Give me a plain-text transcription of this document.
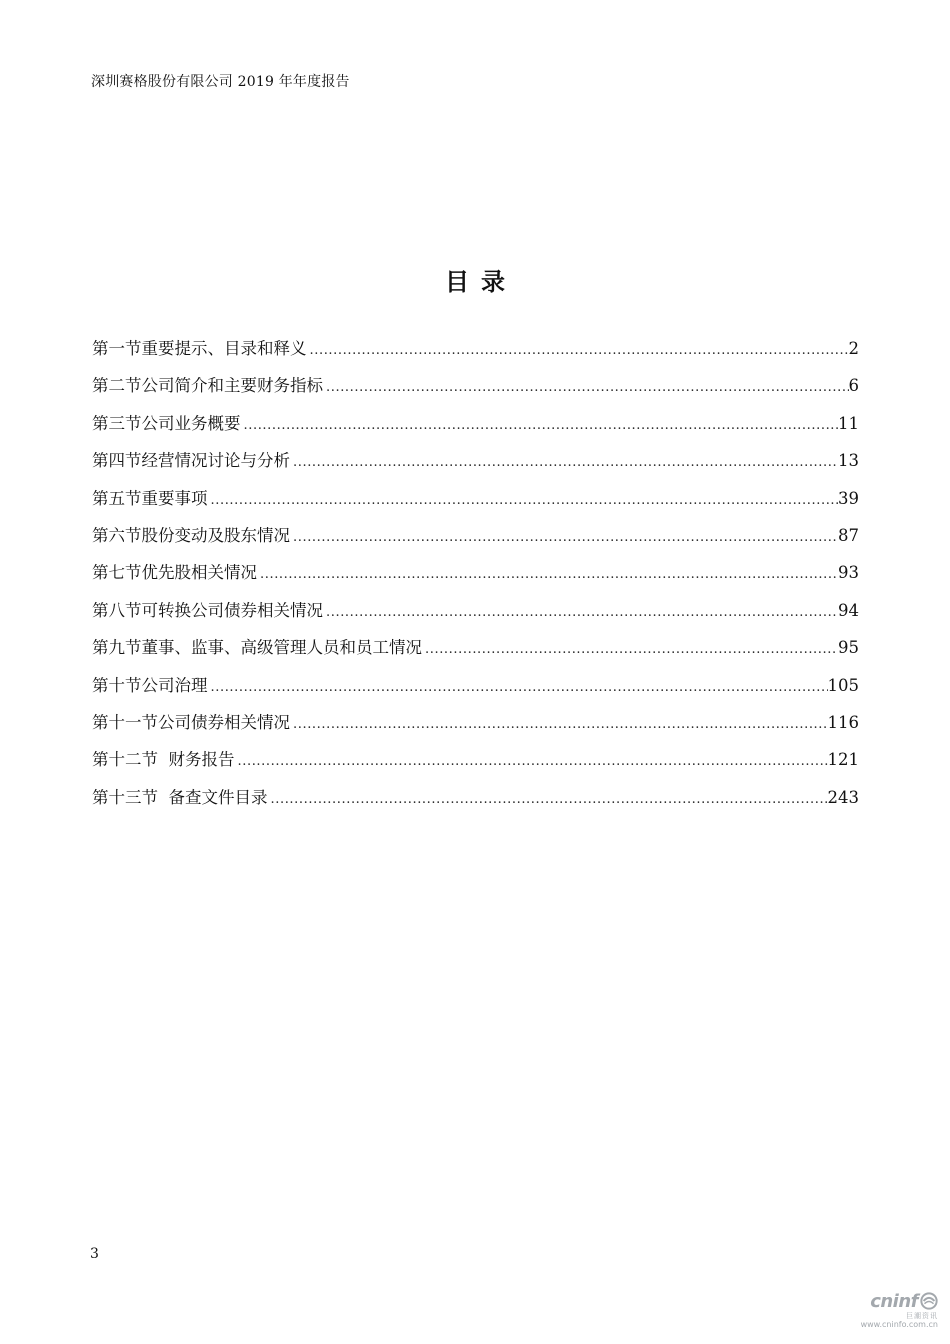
深圳赛格股份有限公司 2019 年年度报告
目录
第一节重要提示、目录和释义 .....	2
第二节公司简介和主要财务指标 .....	6
第三节公司业务概要 .....	11
第四节经营情况讨论与分析 .....	13
第五节重要事项 .....	39
第六节股份变动及股东情况 .....	87
第七节优先股相关情况 .....	93
第八节可转换公司债券相关情况 .....	94
第九节董事、监事、高级管理人员和员工情况 .....	95
第十节公司治理 .....	105
第十一节公司债券相关情况 .....	116
第十二节  财务报告 .....	121
第十三节  备查文件目录 .....	243
3
cninf
巨潮资讯
www.cninfo.com.cn
